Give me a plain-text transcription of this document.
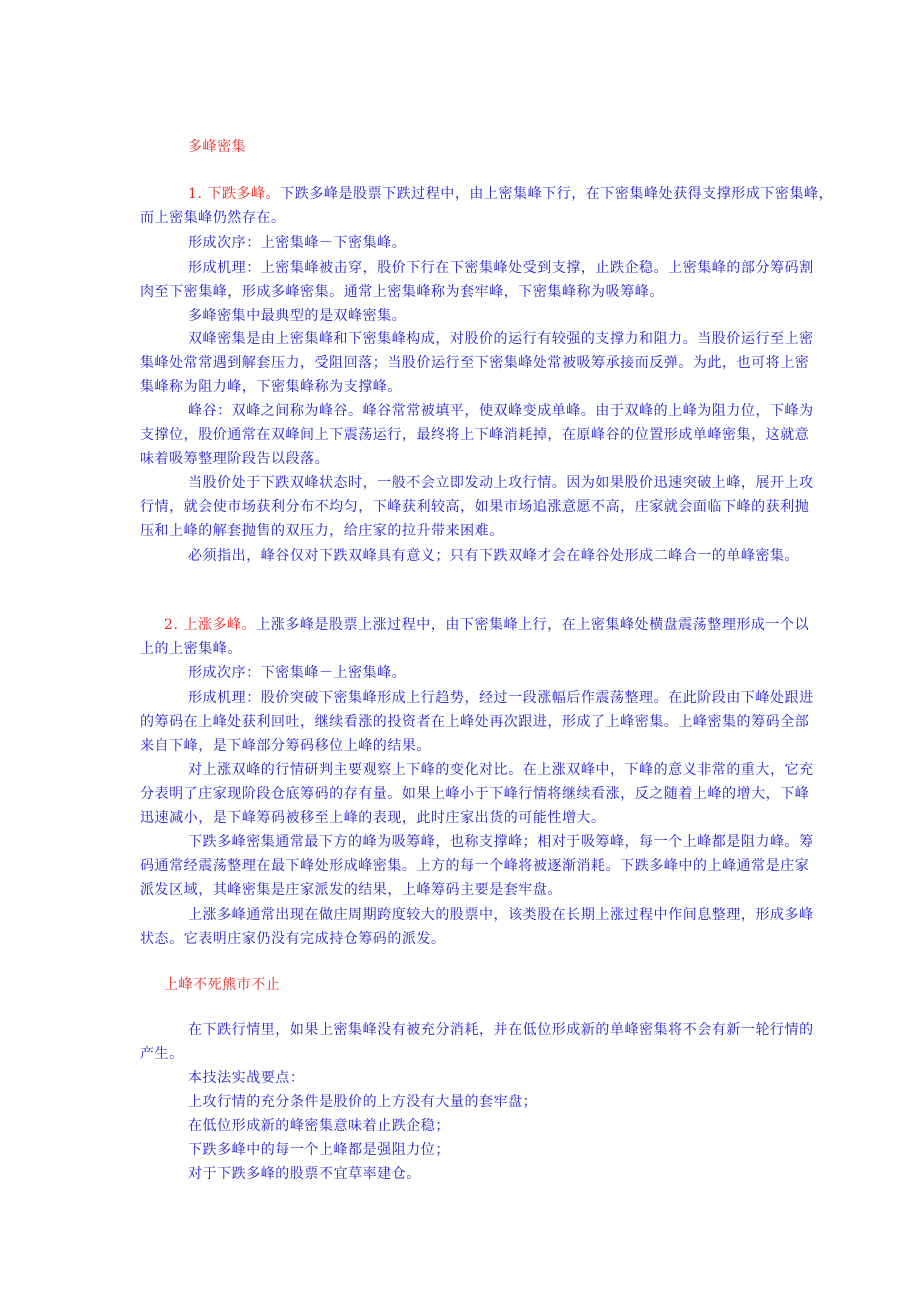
多峰密集
1. 下跌多峰。下跌多峰是股票下跌过程中，由上密集峰下行，在下密集峰处获得支撑形成下密集峰，
而上密集峰仍然存在。
形成次序：上密集峰－下密集峰。
形成机理：上密集峰被击穿，股价下行在下密集峰处受到支撑，止跌企稳。上密集峰的部分筹码割
肉至下密集峰，形成多峰密集。通常上密集峰称为套牢峰，下密集峰称为吸筹峰。
多峰密集中最典型的是双峰密集。
双峰密集是由上密集峰和下密集峰构成，对股价的运行有较强的支撑力和阻力。当股价运行至上密
集峰处常常遇到解套压力，受阻回落；当股价运行至下密集峰处常被吸筹承接而反弹。为此，也可将上密
集峰称为阻力峰，下密集峰称为支撑峰。
峰谷：双峰之间称为峰谷。峰谷常常被填平，使双峰变成单峰。由于双峰的上峰为阻力位，下峰为
支撑位，股价通常在双峰间上下震荡运行，最终将上下峰消耗掉，在原峰谷的位置形成单峰密集，这就意
味着吸筹整理阶段告以段落。
当股价处于下跌双峰状态时，一般不会立即发动上攻行情。因为如果股价迅速突破上峰，展开上攻
行情，就会使市场获利分布不均匀，下峰获利较高，如果市场追涨意愿不高，庄家就会面临下峰的获利抛
压和上峰的解套抛售的双压力，给庄家的拉升带来困难。
必须指出，峰谷仅对下跌双峰具有意义；只有下跌双峰才会在峰谷处形成二峰合一的单峰密集。
2. 上涨多峰。上涨多峰是股票上涨过程中，由下密集峰上行，在上密集峰处横盘震荡整理形成一个以
上的上密集峰。
形成次序：下密集峰－上密集峰。
形成机理：股价突破下密集峰形成上行趋势，经过一段涨幅后作震荡整理。在此阶段由下峰处跟进
的筹码在上峰处获利回吐，继续看涨的投资者在上峰处再次跟进，形成了上峰密集。上峰密集的筹码全部
来自下峰，是下峰部分筹码移位上峰的结果。
对上涨双峰的行情研判主要观察上下峰的变化对比。在上涨双峰中，下峰的意义非常的重大，它充
分表明了庄家现阶段仓底筹码的存有量。如果上峰小于下峰行情将继续看涨，反之随着上峰的增大，下峰
迅速减小，是下峰筹码被移至上峰的表现，此时庄家出货的可能性增大。
下跌多峰密集通常最下方的峰为吸筹峰，也称支撑峰；相对于吸筹峰，每一个上峰都是阻力峰。筹
码通常经震荡整理在最下峰处形成峰密集。上方的每一个峰将被逐渐消耗。下跌多峰中的上峰通常是庄家
派发区域，其峰密集是庄家派发的结果，上峰筹码主要是套牢盘。
上涨多峰通常出现在做庄周期跨度较大的股票中，该类股在长期上涨过程中作间息整理，形成多峰
状态。它表明庄家仍没有完成持仓筹码的派发。
上峰不死熊市不止
在下跌行情里，如果上密集峰没有被充分消耗，并在低位形成新的单峰密集将不会有新一轮行情的
产生。
本技法实战要点：
上攻行情的充分条件是股价的上方没有大量的套牢盘；
在低位形成新的峰密集意味着止跌企稳；
下跌多峰中的每一个上峰都是强阻力位；
对于下跌多峰的股票不宜草率建仓。
